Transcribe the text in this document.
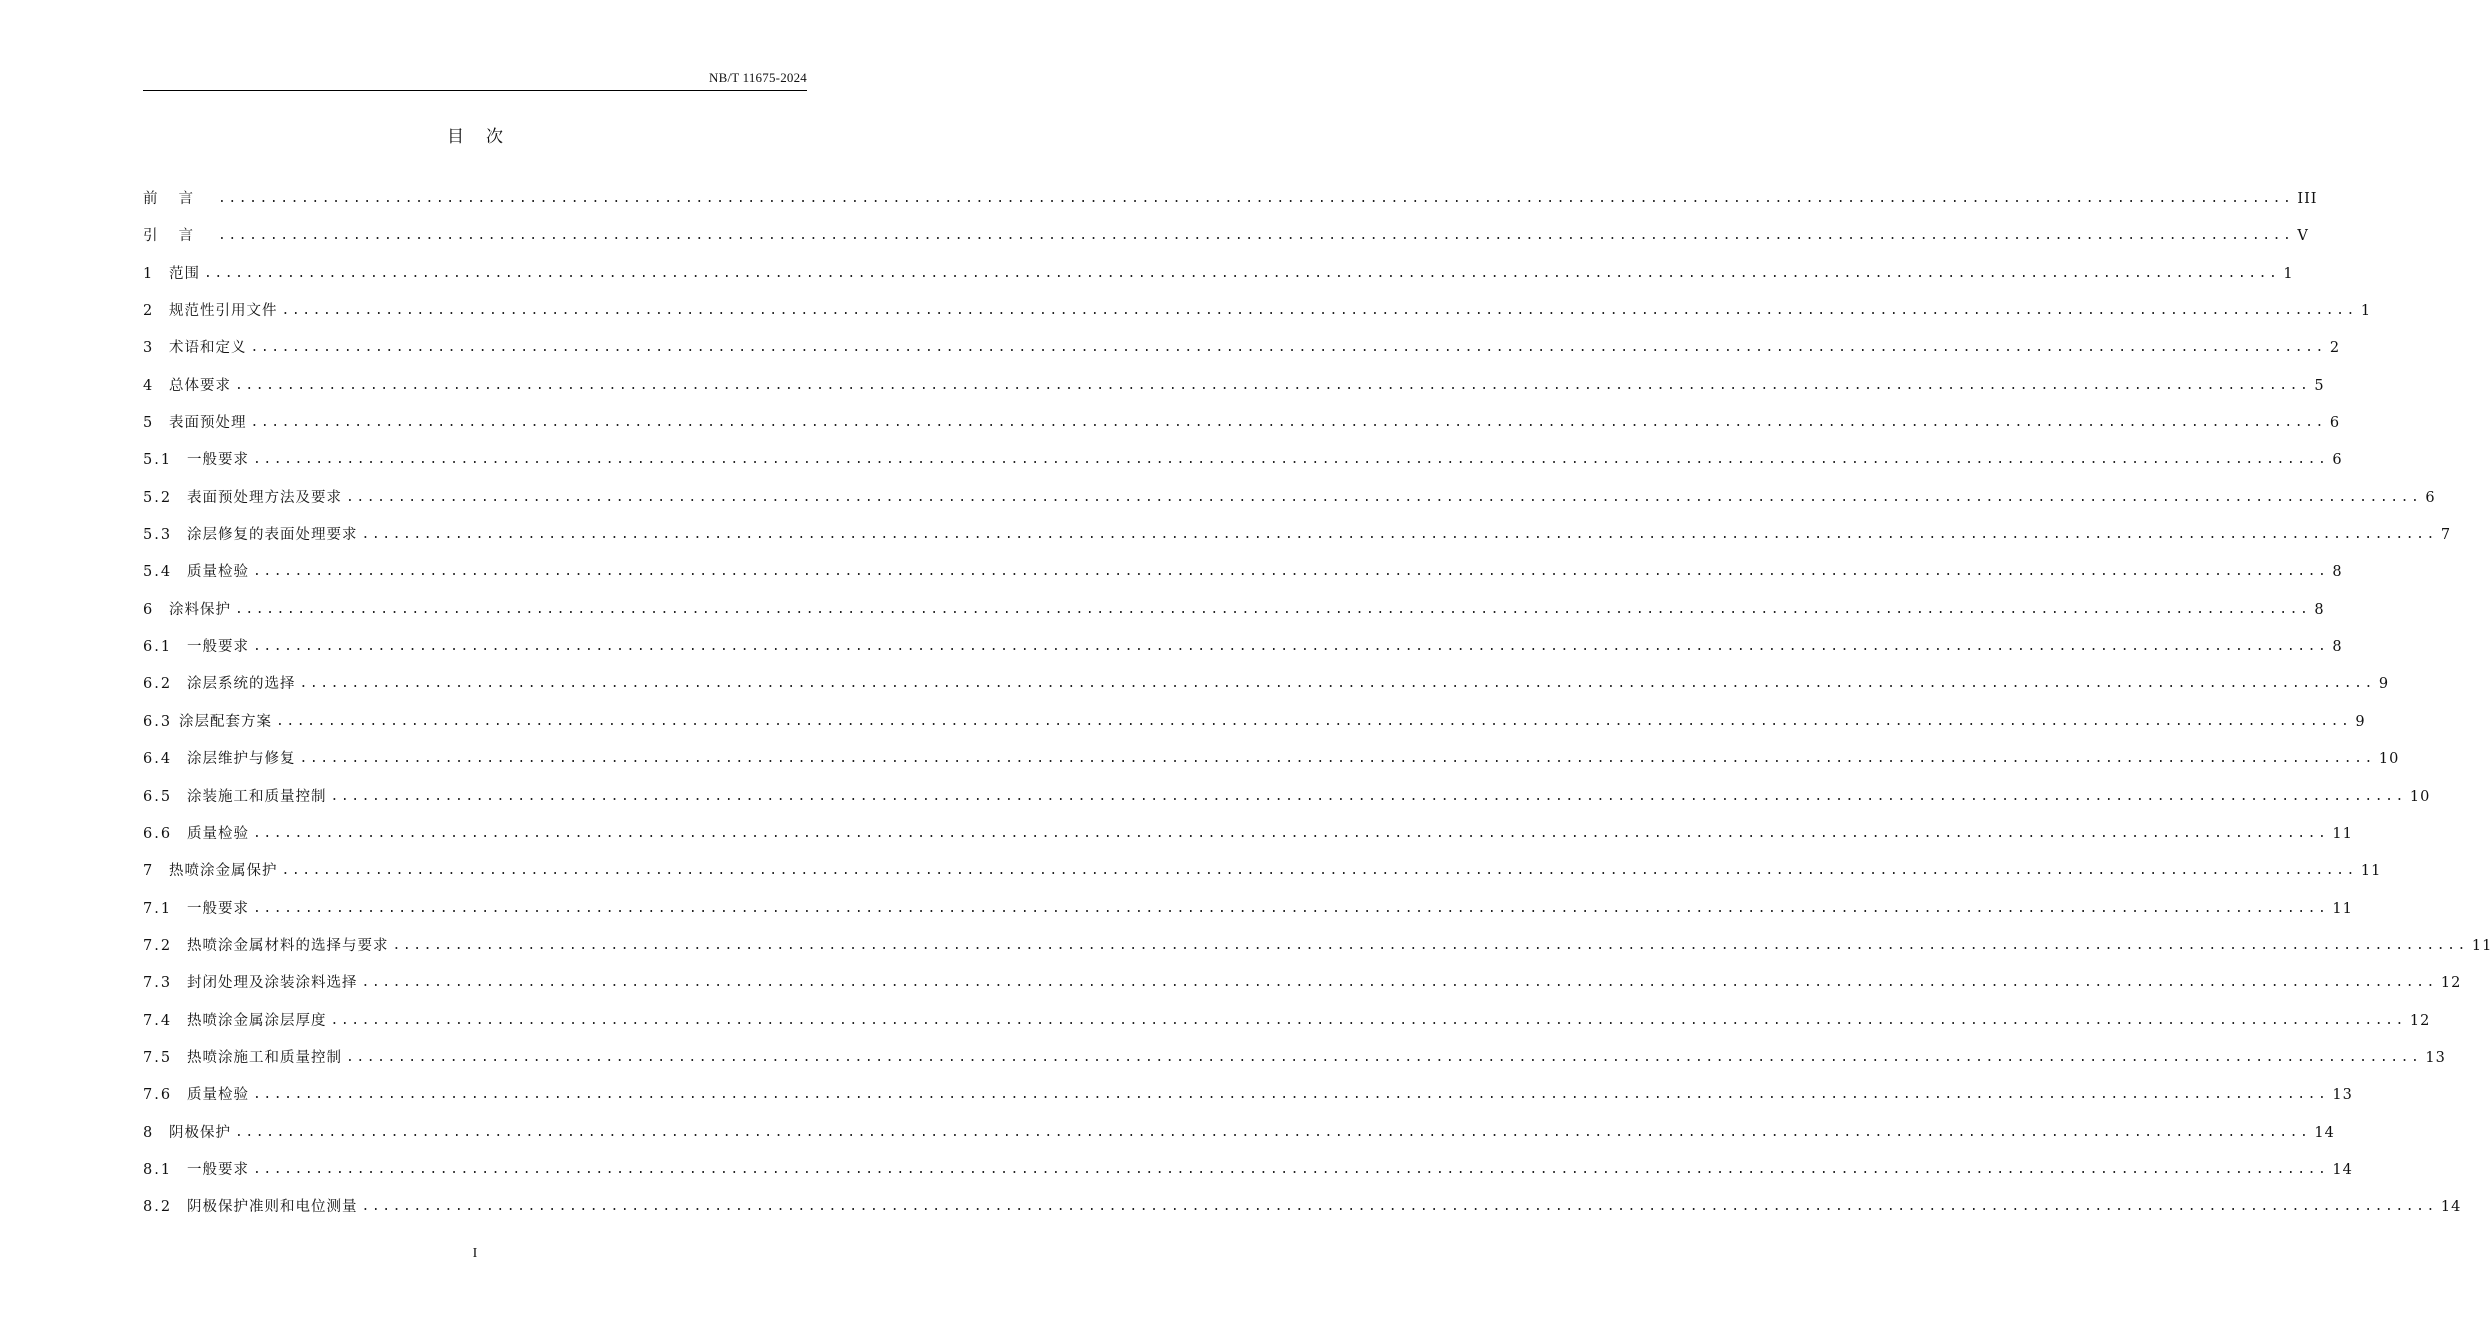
NB/T 11675-2024
目次
前言 ........................................................................................................................................................................................................ III
引言 ........................................................................................................................................................................................................ V
1	范围 ........................................................................................................................................................................................................ 1
2	规范性引用文件 ........................................................................................................................................................................................................ 1
3	术语和定义 ........................................................................................................................................................................................................ 2
4	总体要求 ........................................................................................................................................................................................................ 5
5	表面预处理 ........................................................................................................................................................................................................ 6
5.1	一般要求 ........................................................................................................................................................................................................ 6
5.2	表面预处理方法及要求 ........................................................................................................................................................................................................ 6
5.3	涂层修复的表面处理要求 ........................................................................................................................................................................................................ 7
5.4	质量检验 ........................................................................................................................................................................................................ 8
6	涂料保护 ........................................................................................................................................................................................................ 8
6.1	一般要求 ........................................................................................................................................................................................................ 8
6.2	涂层系统的选择 ........................................................................................................................................................................................................ 9
6.3 涂层配套方案 ........................................................................................................................................................................................................ 9
6.4	涂层维护与修复 ........................................................................................................................................................................................................ 10
6.5	涂装施工和质量控制 ........................................................................................................................................................................................................ 10
6.6	质量检验 ........................................................................................................................................................................................................ 11
7	热喷涂金属保护 ........................................................................................................................................................................................................ 11
7.1	一般要求 ........................................................................................................................................................................................................ 11
7.2	热喷涂金属材料的选择与要求 ........................................................................................................................................................................................................ 11
7.3	封闭处理及涂装涂料选择 ........................................................................................................................................................................................................ 12
7.4	热喷涂金属涂层厚度 ........................................................................................................................................................................................................ 12
7.5	热喷涂施工和质量控制 ........................................................................................................................................................................................................ 13
7.6	质量检验 ........................................................................................................................................................................................................ 13
8	阴极保护 ........................................................................................................................................................................................................ 14
8.1	一般要求 ........................................................................................................................................................................................................ 14
8.2	阴极保护准则和电位测量 ........................................................................................................................................................................................................ 14
I
